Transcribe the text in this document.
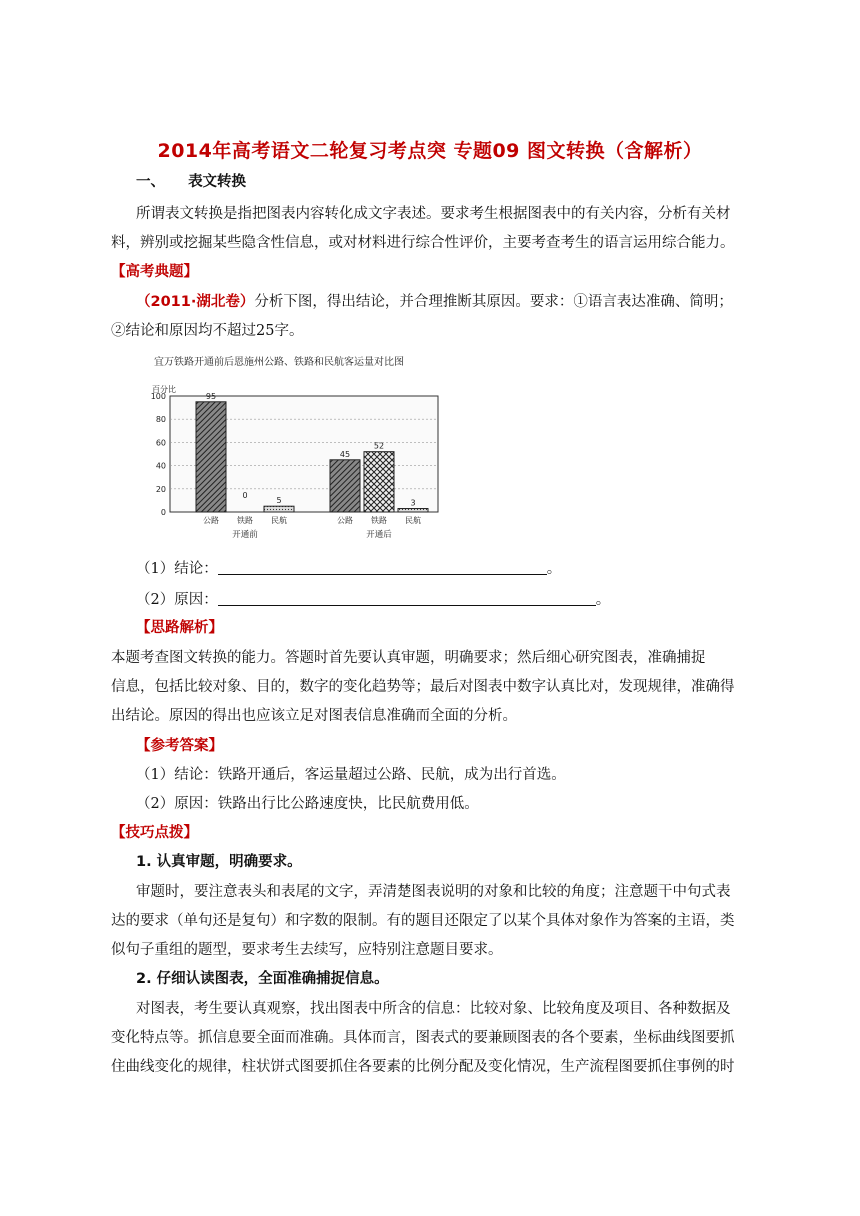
2014年高考语文二轮复习考点突 专题09 图文转换（含解析）
一、 表文转换
所谓表文转换是指把图表内容转化成文字表述。要求考生根据图表中的有关内容，分析有关材
料，辨别或挖掘某些隐含性信息，或对材料进行综合性评价，主要考查考生的语言运用综合能力。
【高考典题】
（2011·湖北卷）分析下图，得出结论，并合理推断其原因。要求：①语言表达准确、简明；
②结论和原因均不超过25字。
宜万铁路开通前后恩施州公路、铁路和民航客运量对比图
百分比
0
20
40
60
80
100	95
公路
0
铁路
5
民航
开通前
45
公路
52
铁路
3
民航
开通后
（1）结论：	。
（2）原因：	。
【思路解析】
本题考查图文转换的能力。答题时首先要认真审题，明确要求；然后细心研究图表，准确捕捉
信息，包括比较对象、目的，数字的变化趋势等；最后对图表中数字认真比对，发现规律，准确得
出结论。原因的得出也应该立足对图表信息准确而全面的分析。
【参考答案】
（1）结论：铁路开通后，客运量超过公路、民航，成为出行首选。
（2）原因：铁路出行比公路速度快，比民航费用低。
【技巧点拨】
1. 认真审题，明确要求。
审题时，要注意表头和表尾的文字，弄清楚图表说明的对象和比较的角度；注意题干中句式表
达的要求（单句还是复句）和字数的限制。有的题目还限定了以某个具体对象作为答案的主语，类
似句子重组的题型，要求考生去续写，应特别注意题目要求。
2. 仔细认读图表，全面准确捕捉信息。
对图表，考生要认真观察，找出图表中所含的信息：比较对象、比较角度及项目、各种数据及
变化特点等。抓信息要全面而准确。具体而言，图表式的要兼顾图表的各个要素，坐标曲线图要抓
住曲线变化的规律，柱状饼式图要抓住各要素的比例分配及变化情况，生产流程图要抓住事例的时
